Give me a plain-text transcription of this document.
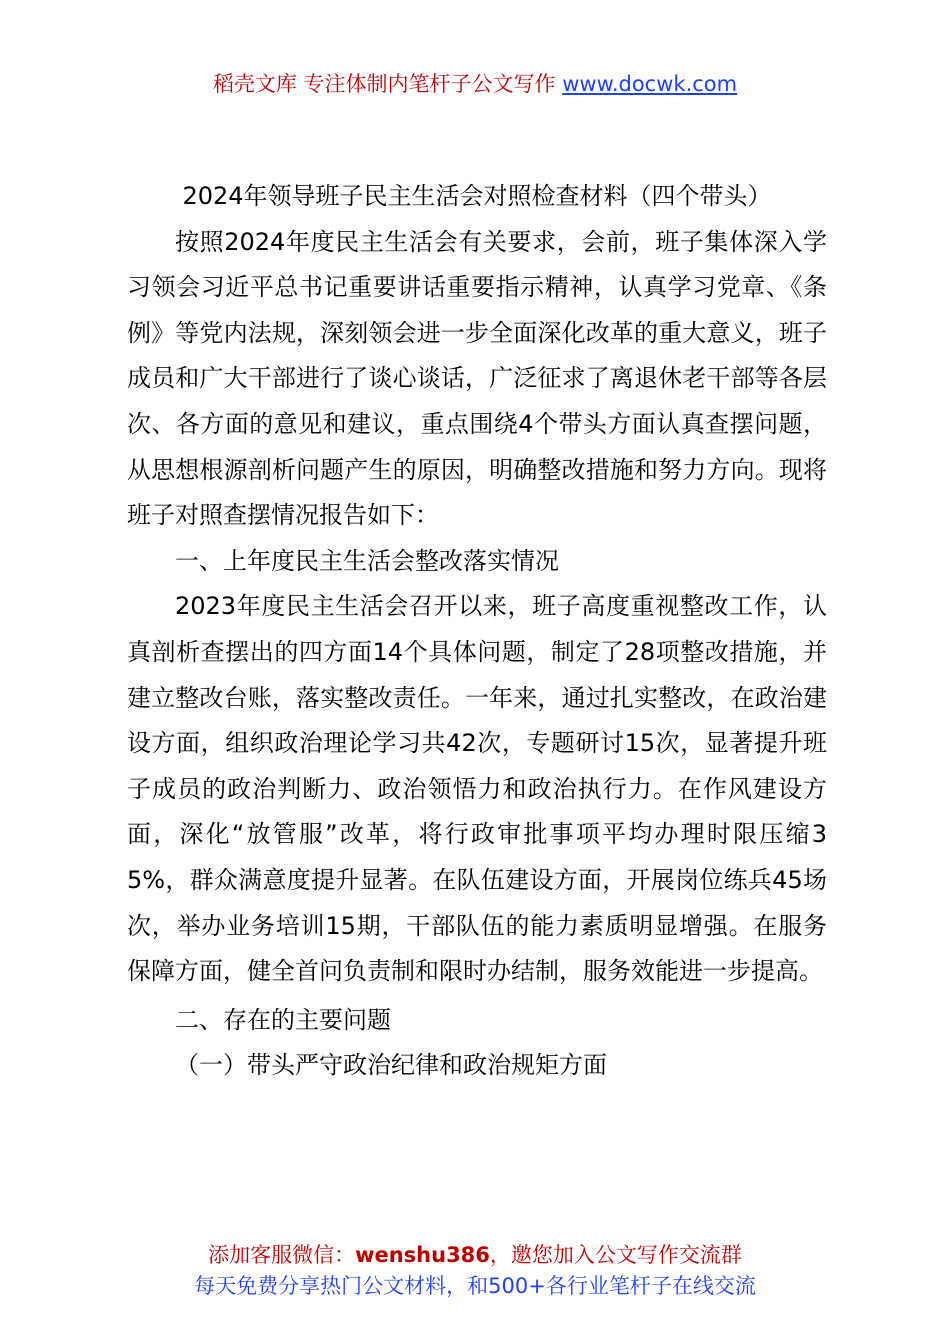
稻壳文库 专注体制内笔杆子公文写作 www.docwk.com

2024年领导班子民主生活会对照检查材料（四个带头）

按照2024年度民主生活会有关要求，会前，班子集体深入学习领会习近平总书记重要讲话重要指示精神，认真学习党章、《条例》等党内法规，深刻领会进一步全面深化改革的重大意义，班子成员和广大干部进行了谈心谈话，广泛征求了离退休老干部等各层次、各方面的意见和建议，重点围绕4个带头方面认真查摆问题，从思想根源剖析问题产生的原因，明确整改措施和努力方向。现将班子对照查摆情况报告如下：

一、上年度民主生活会整改落实情况

2023年度民主生活会召开以来，班子高度重视整改工作，认真剖析查摆出的四方面14个具体问题，制定了28项整改措施，并建立整改台账，落实整改责任。一年来，通过扎实整改，在政治建设方面，组织政治理论学习共42次，专题研讨15次，显著提升班子成员的政治判断力、政治领悟力和政治执行力。在作风建设方面，深化“放管服”改革，将行政审批事项平均办理时限压缩35%，群众满意度提升显著。在队伍建设方面，开展岗位练兵45场次，举办业务培训15期，干部队伍的能力素质明显增强。在服务保障方面，健全首问负责制和限时办结制，服务效能进一步提高。

二、存在的主要问题

（一）带头严守政治纪律和政治规矩方面

添加客服微信：wenshu386，邀您加入公文写作交流群
每天免费分享热门公文材料，和500+各行业笔杆子在线交流
